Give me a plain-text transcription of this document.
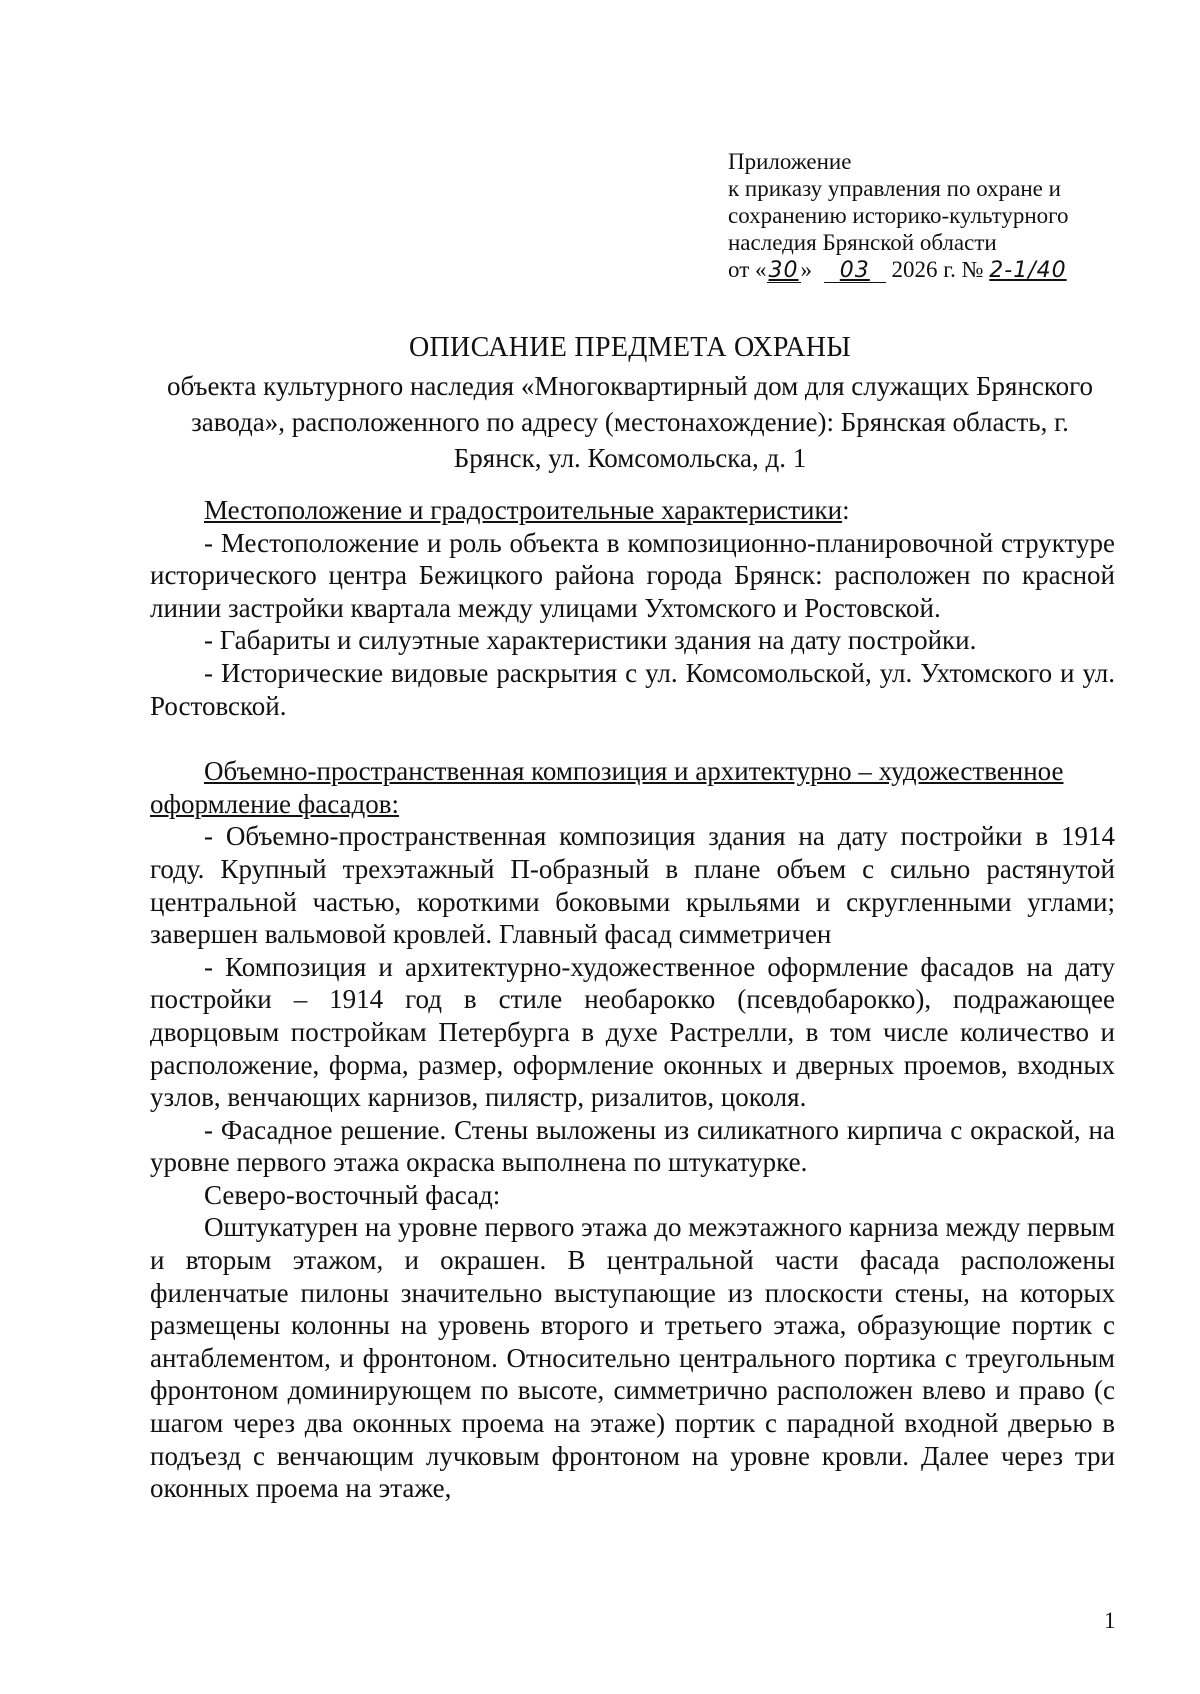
Приложение
к приказу управления по охране и
сохранению историко-культурного
наследия Брянской области
от «30» 03 2026 г. № 2-1/40
ОПИСАНИЕ ПРЕДМЕТА ОХРАНЫ
объекта культурного наследия «Многоквартирный дом для служащих Брянского завода», расположенного по адресу (местонахождение): Брянская область, г. Брянск, ул. Комсомольска, д. 1
Местоположение и градостроительные характеристики:

- Местоположение и роль объекта в композиционно-планировочной структуре исторического центра Бежицкого района города Брянск: расположен по красной линии застройки квартала между улицами Ухтомского и Ростовской.

- Габариты и силуэтные характеристики здания на дату постройки.

- Исторические видовые раскрытия с ул. Комсомольской, ул. Ухтомского и ул. Ростовской.

Объемно-пространственная композиция и архитектурно – художественное оформление фасадов:

- Объемно-пространственная композиция здания на дату постройки в 1914 году. Крупный трехэтажный П-образный в плане объем с сильно растянутой центральной частью, короткими боковыми крыльями и скругленными углами; завершен вальмовой кровлей. Главный фасад симметричен

- Композиция и архитектурно-художественное оформление фасадов на дату постройки – 1914 год в стиле необарокко (псевдобарокко), подражающее дворцовым постройкам Петербурга в духе Растрелли, в том числе количество и расположение, форма, размер, оформление оконных и дверных проемов, входных узлов, венчающих карнизов, пилястр, ризалитов, цоколя.

- Фасадное решение. Стены выложены из силикатного кирпича с окраской, на уровне первого этажа окраска выполнена по штукатурке.

Северо-восточный фасад:

Оштукатурен на уровне первого этажа до межэтажного карниза между первым и вторым этажом, и окрашен. В центральной части фасада расположены филенчатые пилоны значительно выступающие из плоскости стены, на которых размещены колонны на уровень второго и третьего этажа, образующие портик с антаблементом, и фронтоном. Относительно центрального портика с треугольным фронтоном доминирующем по высоте, симметрично расположен влево и право (с шагом через два оконных проема на этаже) портик с парадной входной дверью в подъезд с венчающим лучковым фронтоном на уровне кровли. Далее через три оконных проема на этаже,

1
